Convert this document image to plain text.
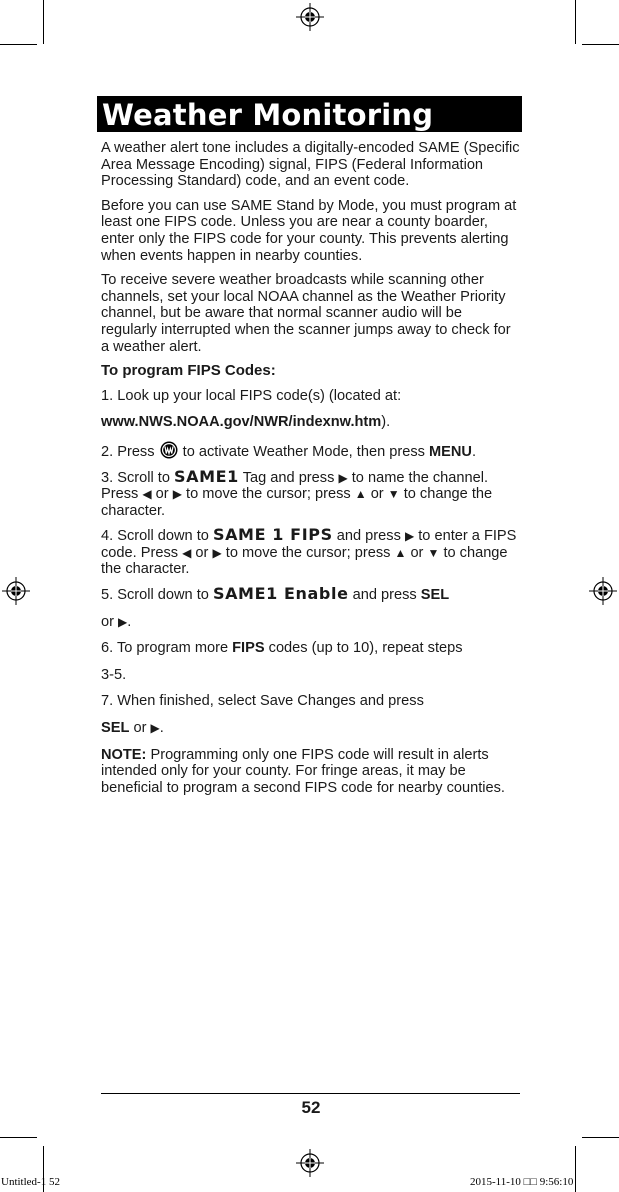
Weather Monitoring

A weather alert tone includes a digitally-encoded SAME (Specific Area Message Encoding) signal, FIPS (Federal Information Processing Standard) code, and an event code.

Before you can use SAME Stand by Mode, you must program at least one FIPS code. Unless you are near a county boarder, enter only the FIPS code for your county. This prevents alerting when events happen in nearby counties.

To receive severe weather broadcasts while scanning other channels, set your local NOAA channel as the Weather Priority channel, but be aware that normal scanner audio will be regularly interrupted when the scanner jumps away to check for a weather alert.

To program FIPS Codes:

1. Look up your local FIPS code(s) (located at:

www.NWS.NOAA.gov/NWR/indexnw.htm).

2. Press to activate Weather Mode, then press MENU.

3. Scroll to SAME1 Tag and press ▶ to name the channel. Press ◀ or ▶ to move the cursor; press ▲ or ▼ to change the character.

4. Scroll down to SAME 1 FIPS and press ▶ to enter a FIPS code. Press ◀ or ▶ to move the cursor; press ▲ or ▼ to change the character.

5. Scroll down to SAME1 Enable and press SEL

or ▶.

6. To program more FIPS codes (up to 10), repeat steps

3-5.

7. When finished, select Save Changes and press

SEL or ▶.

NOTE: Programming only one FIPS code will result in alerts intended only for your county. For fringe areas, it may be beneficial to program a second FIPS code for nearby counties.

52
Untitled-1 52	2015-11-10 □□ 9:56:10
